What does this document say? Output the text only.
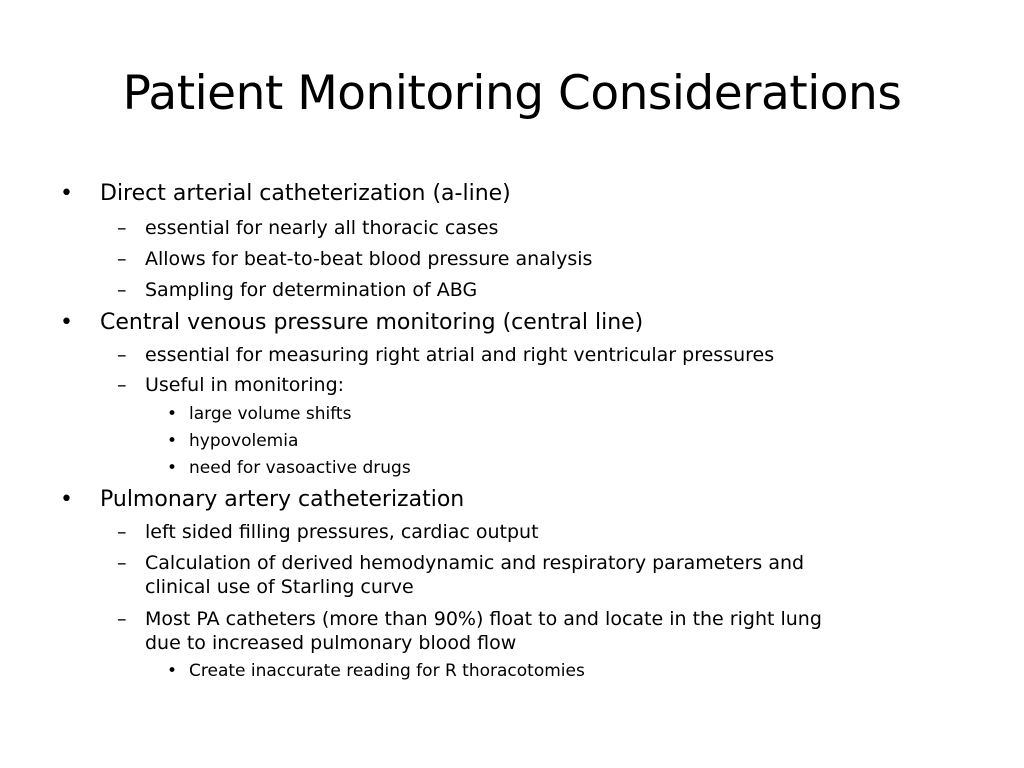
Patient Monitoring Considerations
• Direct arterial catheterization (a-line)
– essential for nearly all thoracic cases
– Allows for beat-to-beat blood pressure analysis
– Sampling for determination of ABG
• Central venous pressure monitoring (central line)
– essential for measuring right atrial and right ventricular pressures
– Useful in monitoring:
• large volume shifts
• hypovolemia
• need for vasoactive drugs
• Pulmonary artery catheterization
– left sided filling pressures, cardiac output
– Calculation of derived hemodynamic and respiratory parameters and
clinical use of Starling curve
– Most PA catheters (more than 90%) float to and locate in the right lung
due to increased pulmonary blood flow
• Create inaccurate reading for R thoracotomies
